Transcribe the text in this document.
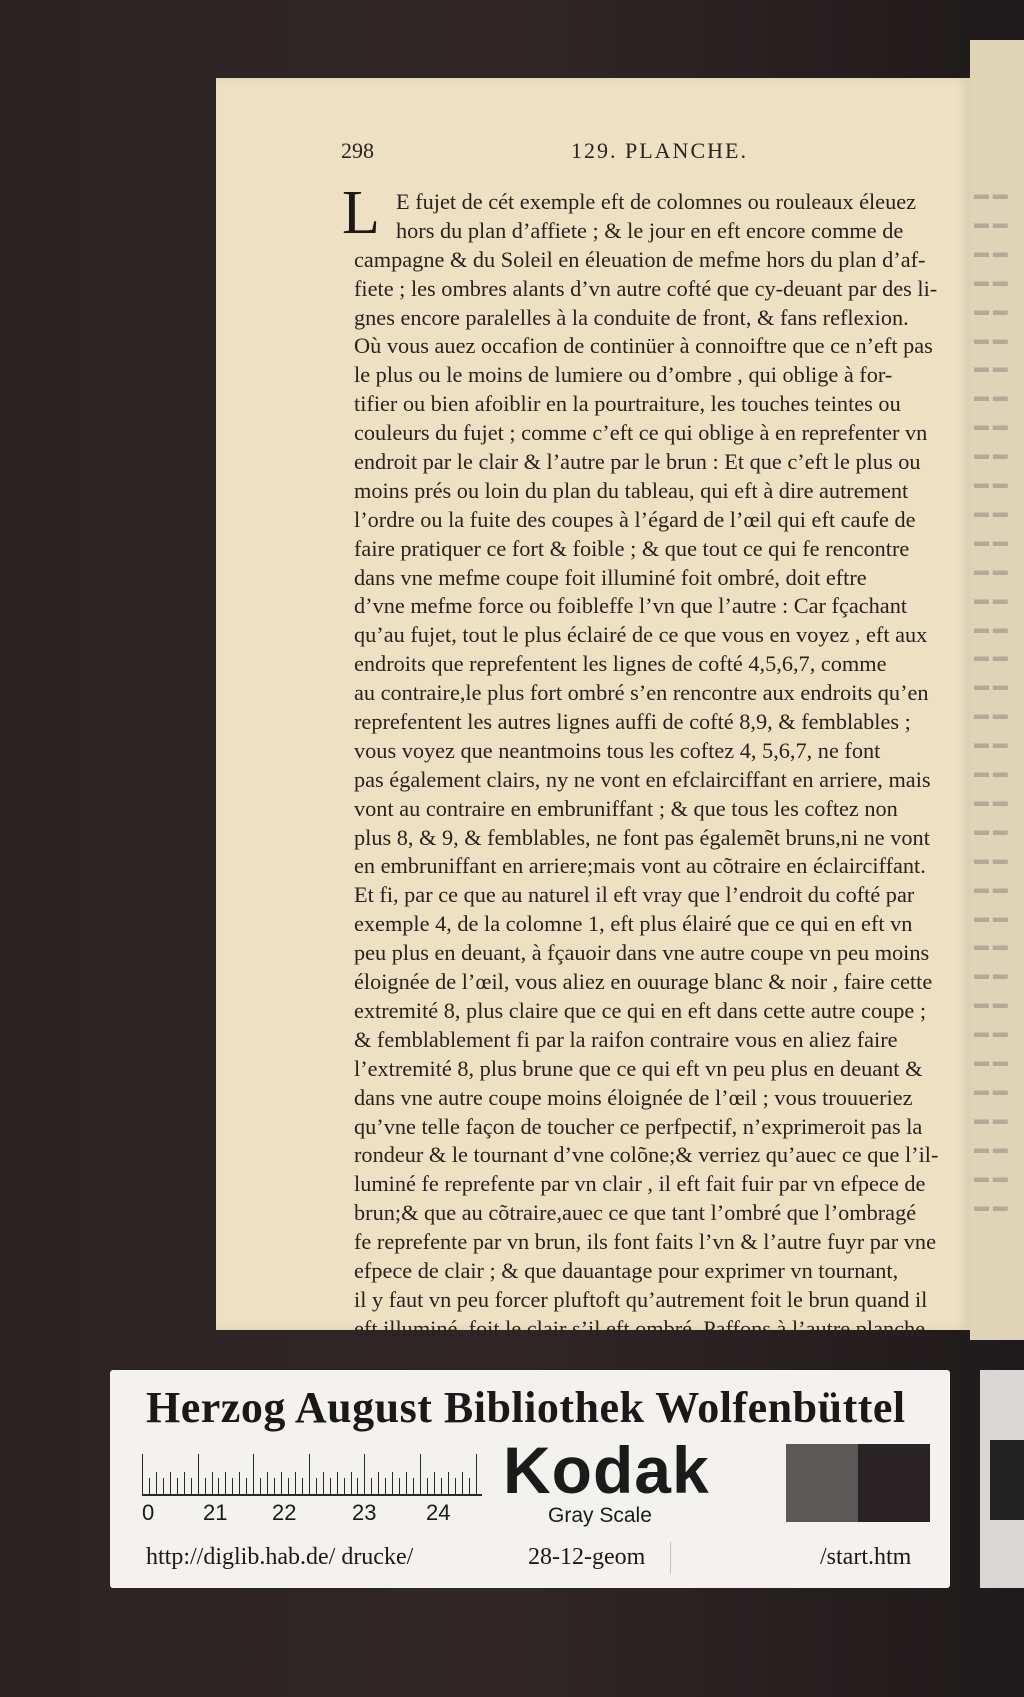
▬ ▬
▬ ▬
▬ ▬
▬ ▬
▬ ▬
▬ ▬
▬ ▬
▬ ▬
▬ ▬
▬ ▬
▬ ▬
▬ ▬
▬ ▬
▬ ▬
▬ ▬
▬ ▬
▬ ▬
▬ ▬
▬ ▬
▬ ▬
▬ ▬
▬ ▬
▬ ▬
▬ ▬
▬ ▬
▬ ▬
▬ ▬
▬ ▬
▬ ▬
▬ ▬
▬ ▬
▬ ▬
▬ ▬
▬ ▬
▬ ▬
▬ ▬
298	129. PLANCHE.
L E fujet de cét exemple eft de colomnes ou rouleaux éleuez
hors du plan d’affiete ; & le jour en eft encore comme de
campagne & du Soleil en éleuation de mefme hors du plan d’af-
fiete ; les ombres alants d’vn autre cofté que cy-deuant par des li-
gnes encore paralelles à la conduite de front, & fans reflexion.
Où vous auez occafion de continüer à connoiftre que ce n’eft pas
le plus ou le moins de lumiere ou d’ombre , qui oblige à for-
tifier ou bien afoiblir en la pourtraiture, les touches teintes ou
couleurs du fujet ; comme c’eft ce qui oblige à en reprefenter vn
endroit par le clair & l’autre par le brun : Et que c’eft le plus ou
moins prés ou loin du plan du tableau, qui eft à dire autrement
l’ordre ou la fuite des coupes à l’égard de l’œil qui eft caufe de
faire pratiquer ce fort & foible ; & que tout ce qui fe rencontre
dans vne mefme coupe foit illuminé foit ombré, doit eftre
d’vne mefme force ou foibleffe l’vn que l’autre : Car fçachant
qu’au fujet, tout le plus éclairé de ce que vous en voyez , eft aux
endroits que reprefentent les lignes de cofté 4,5,6,7, comme
au contraire,le plus fort ombré s’en rencontre aux endroits qu’en
reprefentent les autres lignes auffi de cofté 8,9, & femblables ;
vous voyez que neantmoins tous les coftez 4, 5,6,7, ne font
pas également clairs, ny ne vont en efclairciffant en arriere, mais
vont au contraire en embruniffant ; & que tous les coftez non
plus 8, & 9, & femblables, ne font pas égalemẽt bruns,ni ne vont
en embruniffant en arriere;mais vont au cõtraire en éclairciffant.
Et fi, par ce que au naturel il eft vray que l’endroit du cofté par
exemple 4, de la colomne 1, eft plus élairé que ce qui en eft vn
peu plus en deuant, à fçauoir dans vne autre coupe vn peu moins
éloignée de l’œil, vous aliez en ouurage blanc & noir , faire cette
extremité 8, plus claire que ce qui en eft dans cette autre coupe ;
& femblablement fi par la raifon contraire vous en aliez faire
l’extremité 8, plus brune que ce qui eft vn peu plus en deuant &
dans vne autre coupe moins éloignée de l’œil ; vous trouueriez
qu’vne telle façon de toucher ce perfpectif, n’exprimeroit pas la
rondeur & le tournant d’vne colõne;& verriez qu’auec ce que l’il-
luminé fe reprefente par vn clair , il eft fait fuir par vn efpece de
brun;& que au cõtraire,auec ce que tant l’ombré que l’ombragé
fe reprefente par vn brun, ils font faits l’vn & l’autre fuyr par vne
efpece de clair ; & que dauantage pour exprimer vn tournant,
il y faut vn peu forcer pluftoft qu’autrement foit le brun quand il
eft illuminé, foit le clair s’il eft ombré. Paffons à l’autre planche.
Herzog August Bibliothek Wolfenbüttel
0 21 22	23 24
Kodak
Gray Scale
http://diglib.hab.de/ drucke/	28-12-geom	/start.htm
